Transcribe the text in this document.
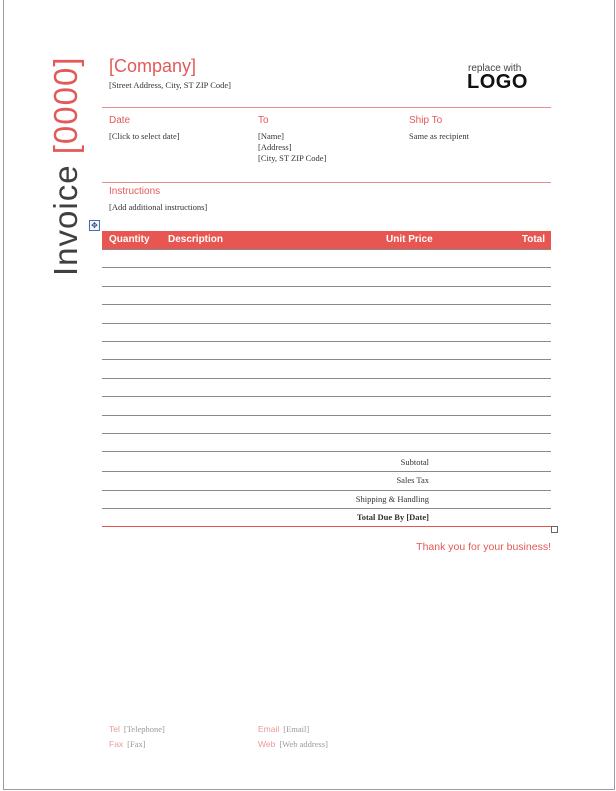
Invoice [0000] [Company]
[Street Address, City, ST ZIP Code]
replace with
LOGO
Date
[Click to select date]
To
[Name]
[Address]
[City, ST ZIP Code]
Ship To
Same as recipient
Instructions
[Add additional instructions]
✥
Quantity Description	Unit Price	Total
Subtotal
Sales Tax
Shipping & Handling
Total Due By [Date]
Thank you for your business!
Tel [Telephone]
Fax [Fax]
Email [Email]
Web [Web address]
